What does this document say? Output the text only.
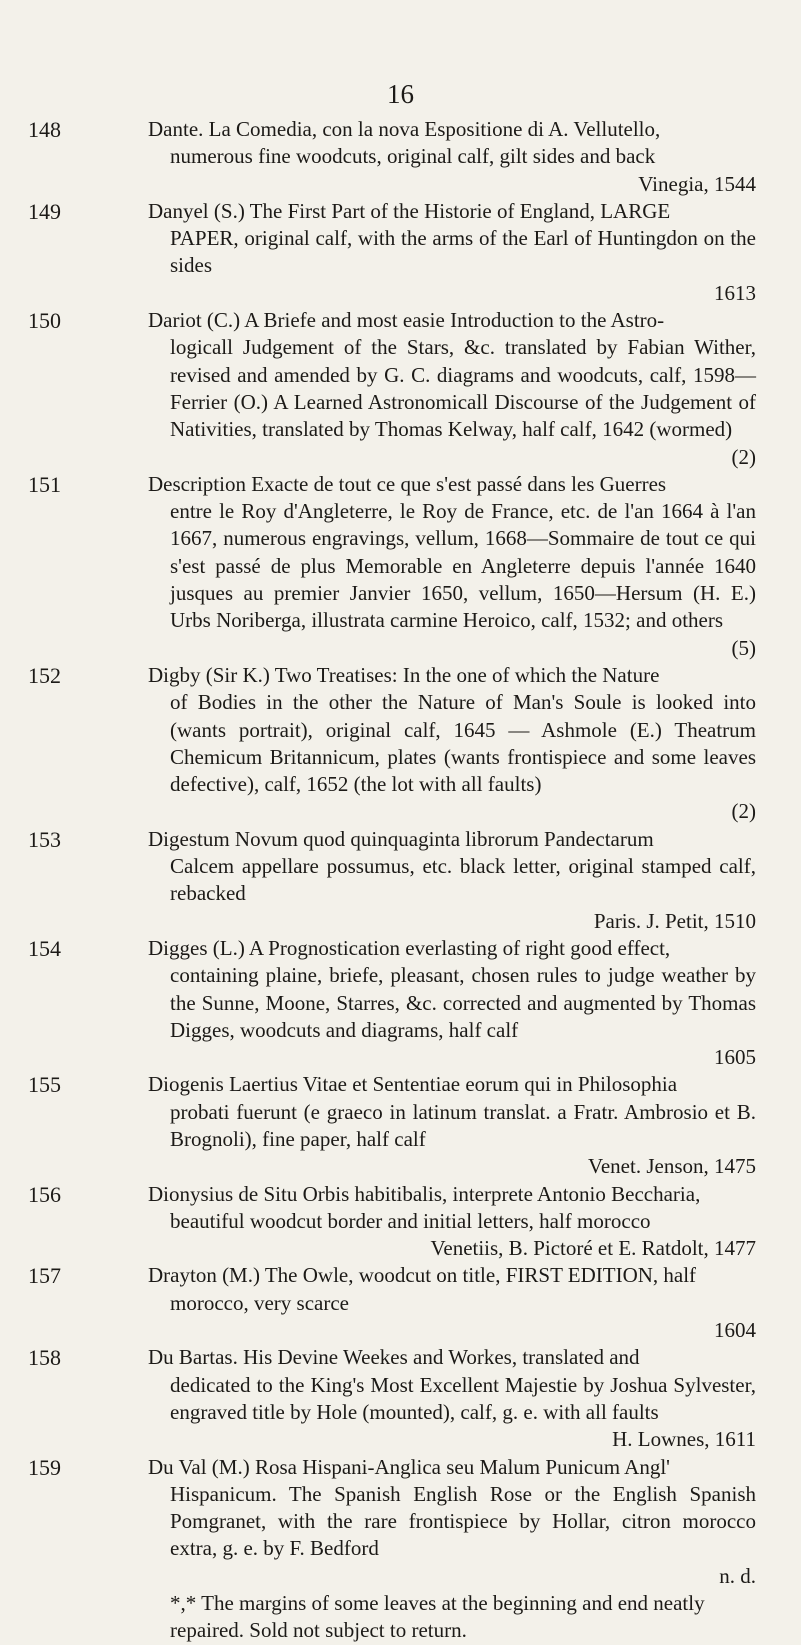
16
148	Dante. La Comedia, con la nova Espositione di A. Vellutello,
numerous fine woodcuts, original calf, gilt sides and back
Vinegia, 1544
149	Danyel (S.) The First Part of the Historie of England, LARGE
PAPER, original calf, with the arms of the Earl of Huntingdon on the sides
1613
150	Dariot (C.) A Briefe and most easie Introduction to the Astro-
logicall Judgement of the Stars, &c. translated by Fabian Wither, revised and amended by G. C. diagrams and woodcuts, calf, 1598—Ferrier (O.) A Learned Astronomicall Discourse of the Judgement of Nativities, translated by Thomas Kelway, half calf, 1642 (wormed)
(2)
151	Description Exacte de tout ce que s'est passé dans les Guerres
entre le Roy d'Angleterre, le Roy de France, etc. de l'an 1664 à l'an 1667, numerous engravings, vellum, 1668—Sommaire de tout ce qui s'est passé de plus Memorable en Angleterre depuis l'année 1640 jusques au premier Janvier 1650, vellum, 1650—Hersum (H. E.) Urbs Noriberga, illustrata carmine Heroico, calf, 1532; and others
(5)
152	Digby (Sir K.) Two Treatises: In the one of which the Nature
of Bodies in the other the Nature of Man's Soule is looked into (wants portrait), original calf, 1645 — Ashmole (E.) Theatrum Chemicum Britannicum, plates (wants frontispiece and some leaves defective), calf, 1652 (the lot with all faults)
(2)
153	Digestum Novum quod quinquaginta librorum Pandectarum
Calcem appellare possumus, etc. black letter, original stamped calf, rebacked
Paris. J. Petit, 1510
154	Digges (L.) A Prognostication everlasting of right good effect,
containing plaine, briefe, pleasant, chosen rules to judge weather by the Sunne, Moone, Starres, &c. corrected and augmented by Thomas Digges, woodcuts and diagrams, half calf
1605
155	Diogenis Laertius Vitae et Sententiae eorum qui in Philosophia
probati fuerunt (e graeco in latinum translat. a Fratr. Ambrosio et B. Brognoli), fine paper, half calf
Venet. Jenson, 1475
156	Dionysius de Situ Orbis habitibalis, interprete Antonio Beccharia,
beautiful woodcut border and initial letters, half morocco
Venetiis, B. Pictoré et E. Ratdolt, 1477
157	Drayton (M.) The Owle, woodcut on title, FIRST EDITION, half
morocco, very scarce
1604
158	Du Bartas. His Devine Weekes and Workes, translated and
dedicated to the King's Most Excellent Majestie by Joshua Sylvester, engraved title by Hole (mounted), calf, g. e. with all faults
H. Lownes, 1611
159	Du Val (M.) Rosa Hispani-Anglica seu Malum Punicum Angl'
Hispanicum. The Spanish English Rose or the English Spanish Pomgranet, with the rare frontispiece by Hollar, citron morocco extra, g. e. by F. Bedford
n. d.
*,* The margins of some leaves at the beginning and end neatly repaired. Sold not subject to return.
